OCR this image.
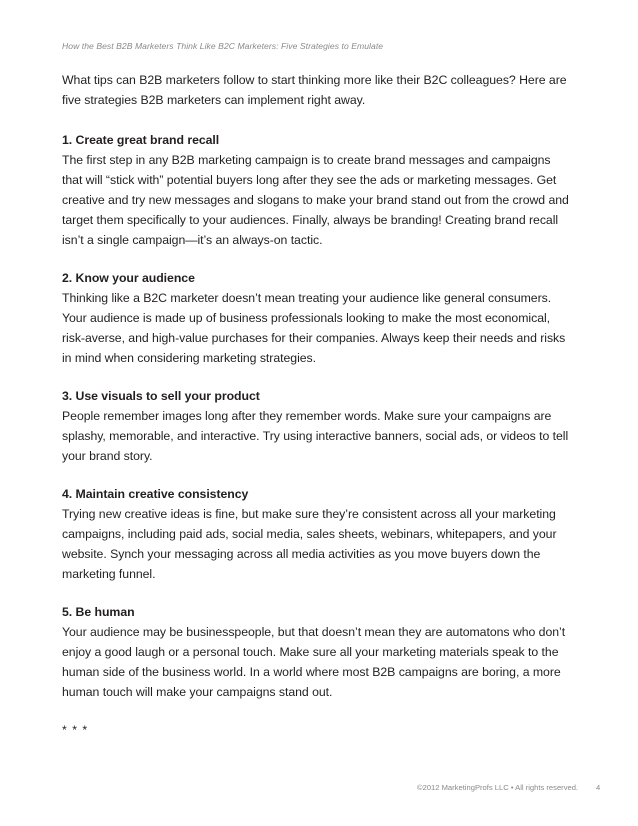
How the Best B2B Marketers Think Like B2C Marketers: Five Strategies to Emulate

What tips can B2B marketers follow to start thinking more like their B2C colleagues? Here are
five strategies B2B marketers can implement right away.

1. Create great brand recall

The first step in any B2B marketing campaign is to create brand messages and campaigns
that will “stick with” potential buyers long after they see the ads or marketing messages. Get
creative and try new messages and slogans to make your brand stand out from the crowd and
target them specifically to your audiences. Finally, always be branding! Creating brand recall
isn’t a single campaign—it’s an always-on tactic.

2. Know your audience

Thinking like a B2C marketer doesn’t mean treating your audience like general consumers.
Your audience is made up of business professionals looking to make the most economical,
risk-averse, and high-value purchases for their companies. Always keep their needs and risks
in mind when considering marketing strategies.

3. Use visuals to sell your product

People remember images long after they remember words. Make sure your campaigns are
splashy, memorable, and interactive. Try using interactive banners, social ads, or videos to tell
your brand story.

4. Maintain creative consistency

Trying new creative ideas is fine, but make sure they’re consistent across all your marketing
campaigns, including paid ads, social media, sales sheets, webinars, whitepapers, and your
website. Synch your messaging across all media activities as you move buyers down the
marketing funnel.

5. Be human

Your audience may be businesspeople, but that doesn’t mean they are automatons who don’t
enjoy a good laugh or a personal touch. Make sure all your marketing materials speak to the
human side of the business world. In a world where most B2B campaigns are boring, a more
human touch will make your campaigns stand out.

* * *
©2012 MarketingProfs LLC • All rights reserved. 4
